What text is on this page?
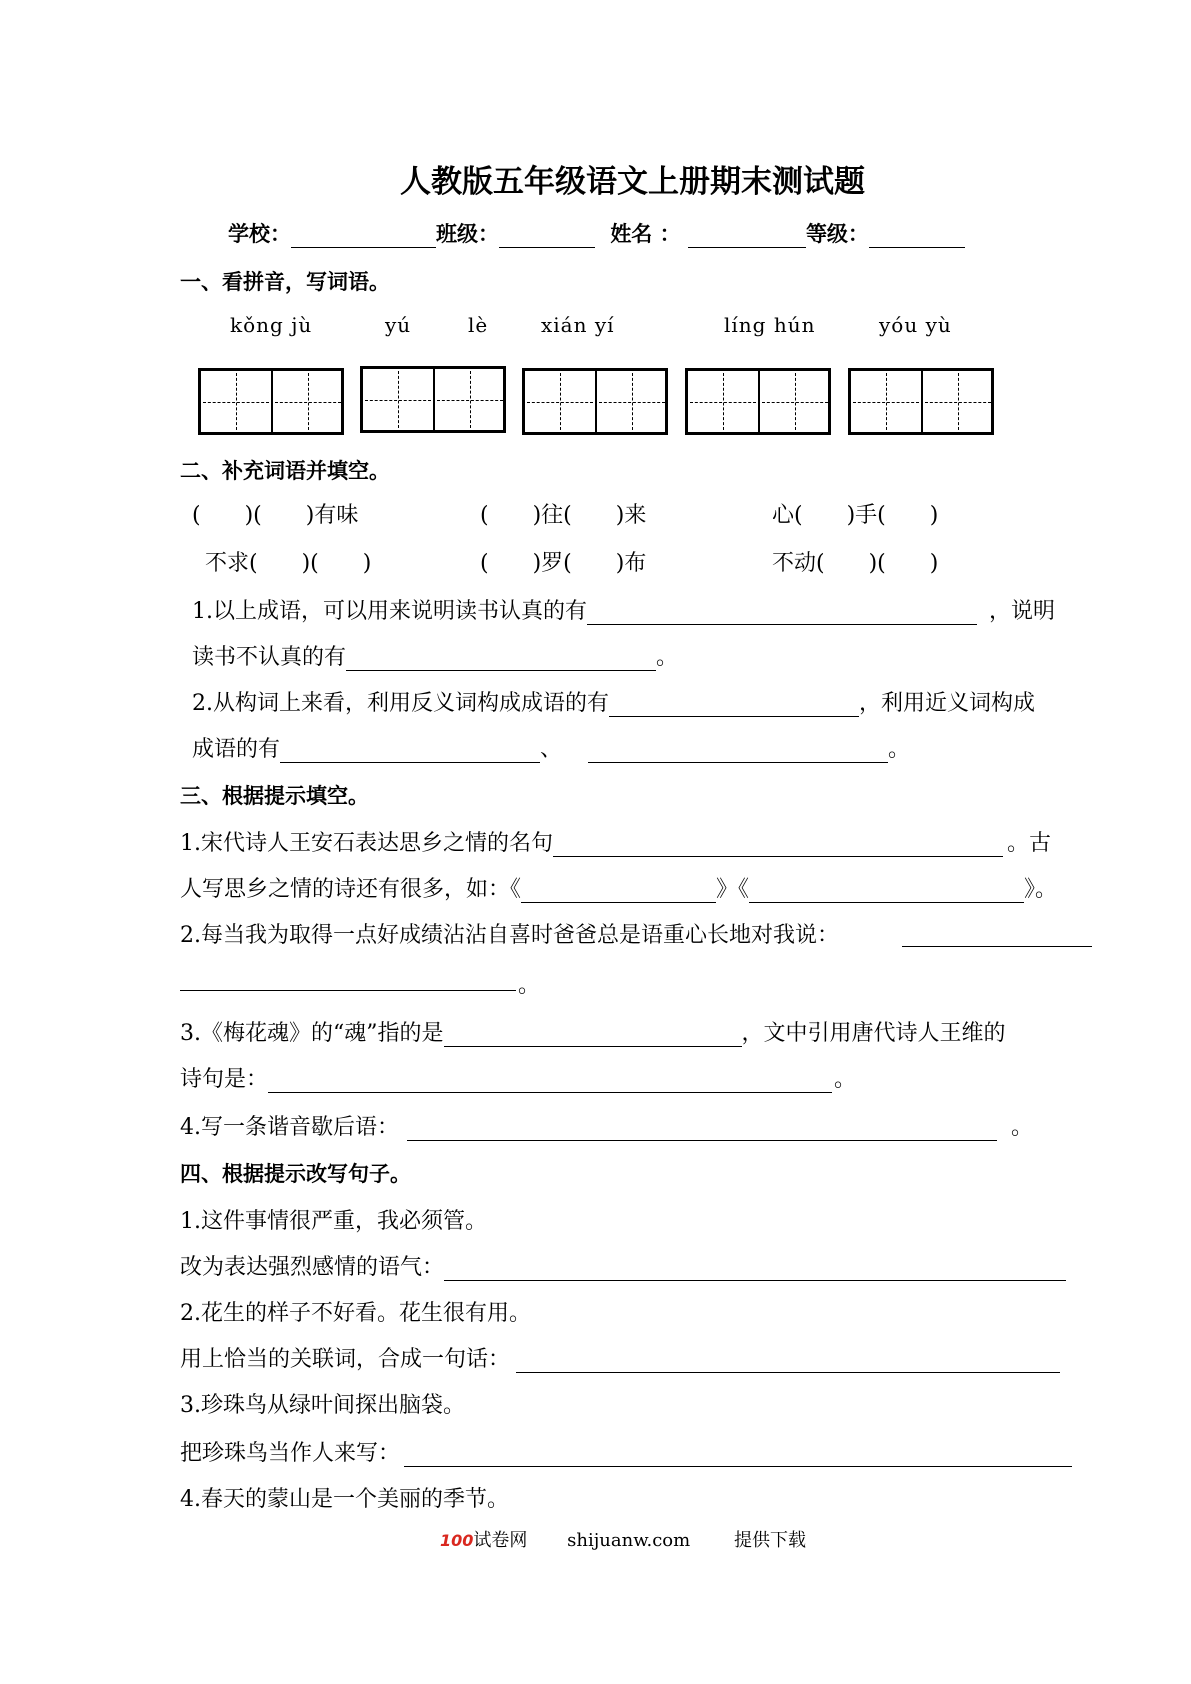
人教版五年级语文上册期末测试题
学校：	班级：	姓名 ：	等级：
一、看拼音，写词语。
kǒng jù	yú	lè	xián yí	líng hún	yóu yù
二、补充词语并填空。
(　　)(　　)有味	(　　)往(　　)来	心(　　)手(　　)
不求(　　)(　　)	(　　)罗(　　)布	不动(　　)(　　)
1.以上成语，可以用来说明读书认真的有	，说明
读书不认真的有	。
2.从构词上来看，利用反义词构成成语的有	，利用近义词构成
成语的有	、	。
三、根据提示填空。
1.宋代诗人王安石表达思乡之情的名句	。古
人写思乡之情的诗还有很多，如：《	》《	》。
2.每当我为取得一点好成绩沾沾自喜时爸爸总是语重心长地对我说：
。
3.《梅花魂》的“魂”指的是	，文中引用唐代诗人王维的
诗句是：	。
4.写一条谐音歇后语：	。
四、根据提示改写句子。
1.这件事情很严重，我必须管。
改为表达强烈感情的语气：
2.花生的样子不好看。花生很有用。
用上恰当的关联词，合成一句话：
3.珍珠鸟从绿叶间探出脑袋。
把珍珠鸟当作人来写：
4.春天的蒙山是一个美丽的季节。
100试卷网 shijuanw.com 提供下载
